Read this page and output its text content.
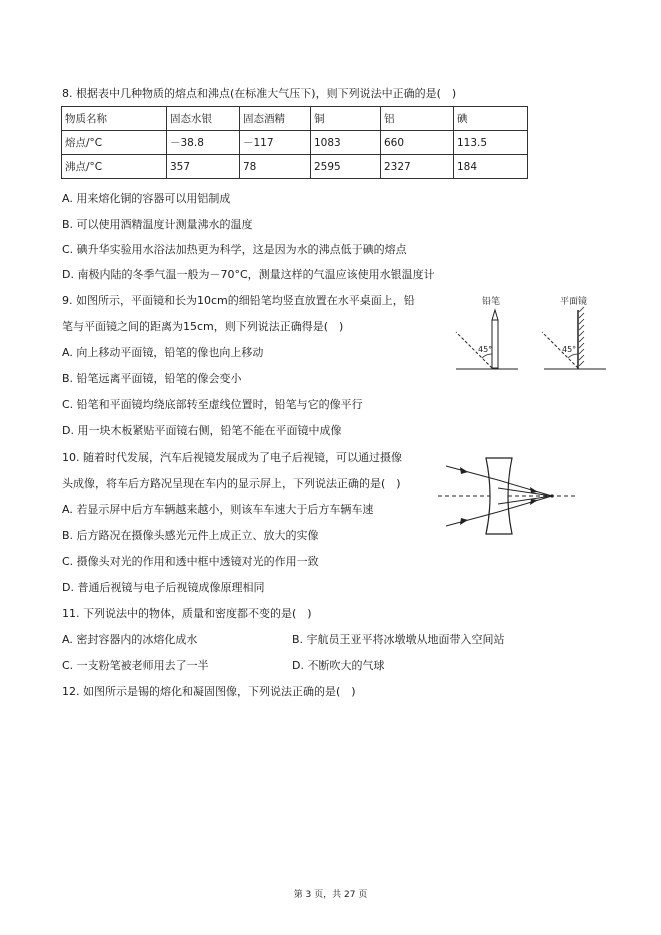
8. 根据表中几种物质的熔点和沸点(在标准大气压下)，则下列说法中正确的是(　)
物质名称	固态水银	固态酒精	铜	铝	碘
熔点/°C	－38.8	－117	1083	660	113.5
沸点/°C	357	78	2595	2327	184
A. 用来熔化铜的容器可以用铝制成
B. 可以使用酒精温度计测量沸水的温度
C. 碘升华实验用水浴法加热更为科学，这是因为水的沸点低于碘的熔点
D. 南极内陆的冬季气温一般为－70°C，测量这样的气温应该使用水银温度计
9. 如图所示，平面镜和长为10cm的细铅笔均竖直放置在水平桌面上，铅
笔与平面镜之间的距离为15cm，则下列说法正确得是(　)
A. 向上移动平面镜，铅笔的像也向上移动
B. 铅笔远离平面镜，铅笔的像会变小
C. 铅笔和平面镜均绕底部转至虚线位置时，铅笔与它的像平行
D. 用一块木板紧贴平面镜右侧，铅笔不能在平面镜中成像
铅笔	平面镜
45°	45°
10. 随着时代发展，汽车后视镜发展成为了电子后视镜，可以通过摄像
头成像，将车后方路况呈现在车内的显示屏上，下列说法正确的是(　)
A. 若显示屏中后方车辆越来越小，则该车车速大于后方车辆车速
B. 后方路况在摄像头感光元件上成正立、放大的实像
C. 摄像头对光的作用和透中框中透镜对光的作用一致
D. 普通后视镜与电子后视镜成像原理相同
11. 下列说法中的物体，质量和密度都不变的是(　)
A. 密封容器内的冰熔化成水	B. 宇航员王亚平将冰墩墩从地面带入空间站
C. 一支粉笔被老师用去了一半	D. 不断吹大的气球
12. 如图所示是锡的熔化和凝固图像，下列说法正确的是(　)
第 3 页，共 27 页
